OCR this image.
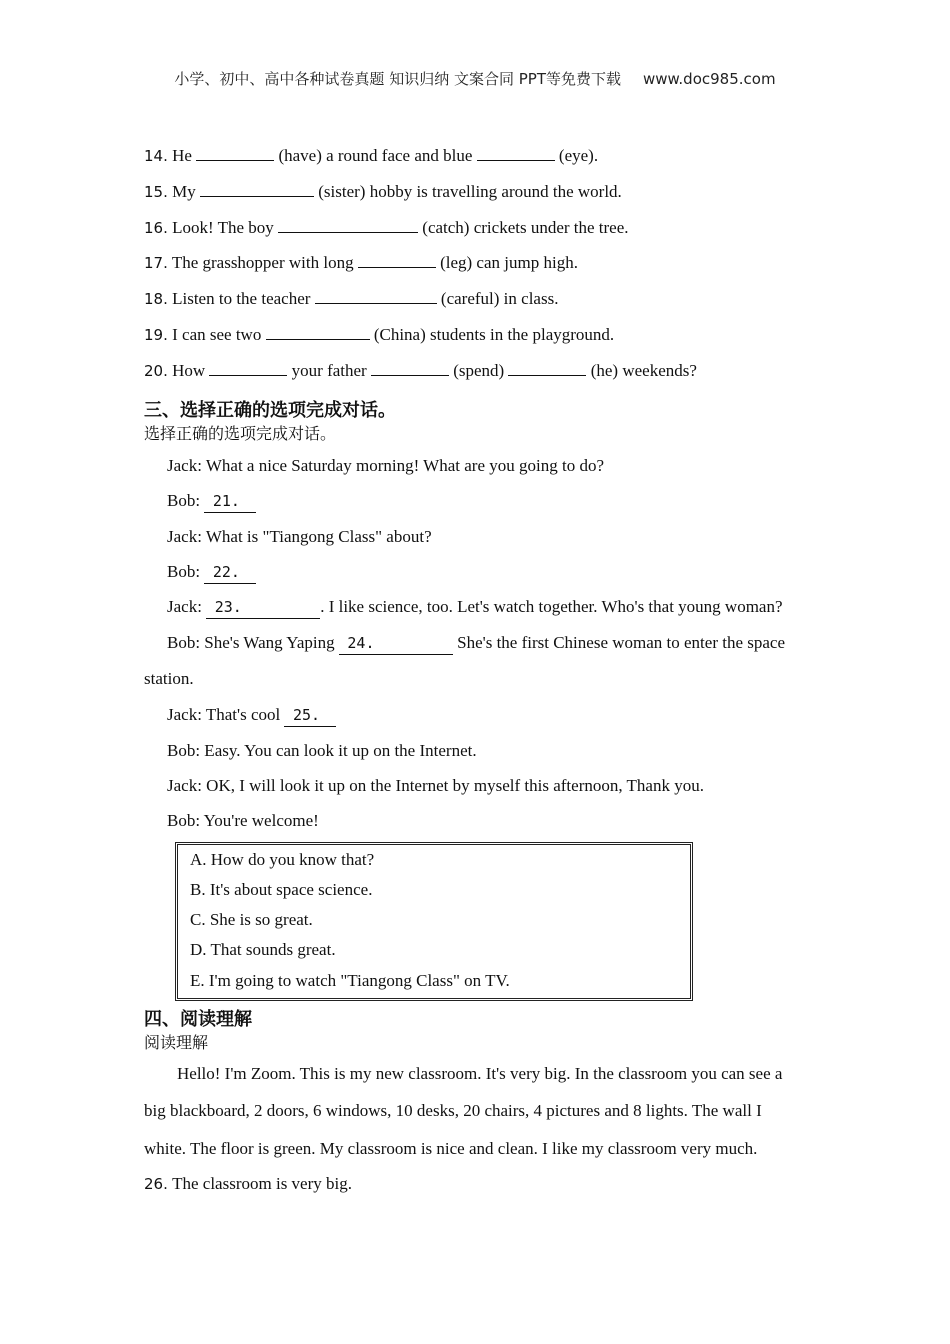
小学、初中、高中各种试卷真题 知识归纳 文案合同 PPT等免费下载 www.doc985.com
14. He	(have) a round face and blue	(eye).
15. My	(sister) hobby is travelling around the world.
16. Look! The boy	(catch) crickets under the tree.
17. The grasshopper with long	(leg) can jump high.
18. Listen to the teacher	(careful) in class.
19. I can see two	(China) students in the playground.
20. How	your father	(spend)	(he) weekends?
三、选择正确的选项完成对话。
选择正确的选项完成对话。
Jack: What a nice Saturday morning! What are you going to do?
Bob:   21.
Jack: What is "Tiangong Class" about?
Bob:   22.
Jack:   23.	. I like science, too. Let's watch together. Who's that young woman?
Bob: She's Wang Yaping   24.	She's the first Chinese woman to enter the space
station.
Jack: That's cool   25.
Bob: Easy. You can look it up on the Internet.
Jack: OK, I will look it up on the Internet by myself this afternoon, Thank you.
Bob: You're welcome!
A. How do you know that?
B. It's about space science.
C. She is so great.
D. That sounds great.
E. I'm going to watch "Tiangong Class" on TV.
四、阅读理解
阅读理解
Hello! I'm Zoom. This is my new classroom. It's very big. In the classroom you can see a
big blackboard, 2 doors, 6 windows, 10 desks, 20 chairs, 4 pictures and 8 lights. The wall I
white. The floor is green. My classroom is nice and clean. I like my classroom very much.
26. The classroom is very big.
